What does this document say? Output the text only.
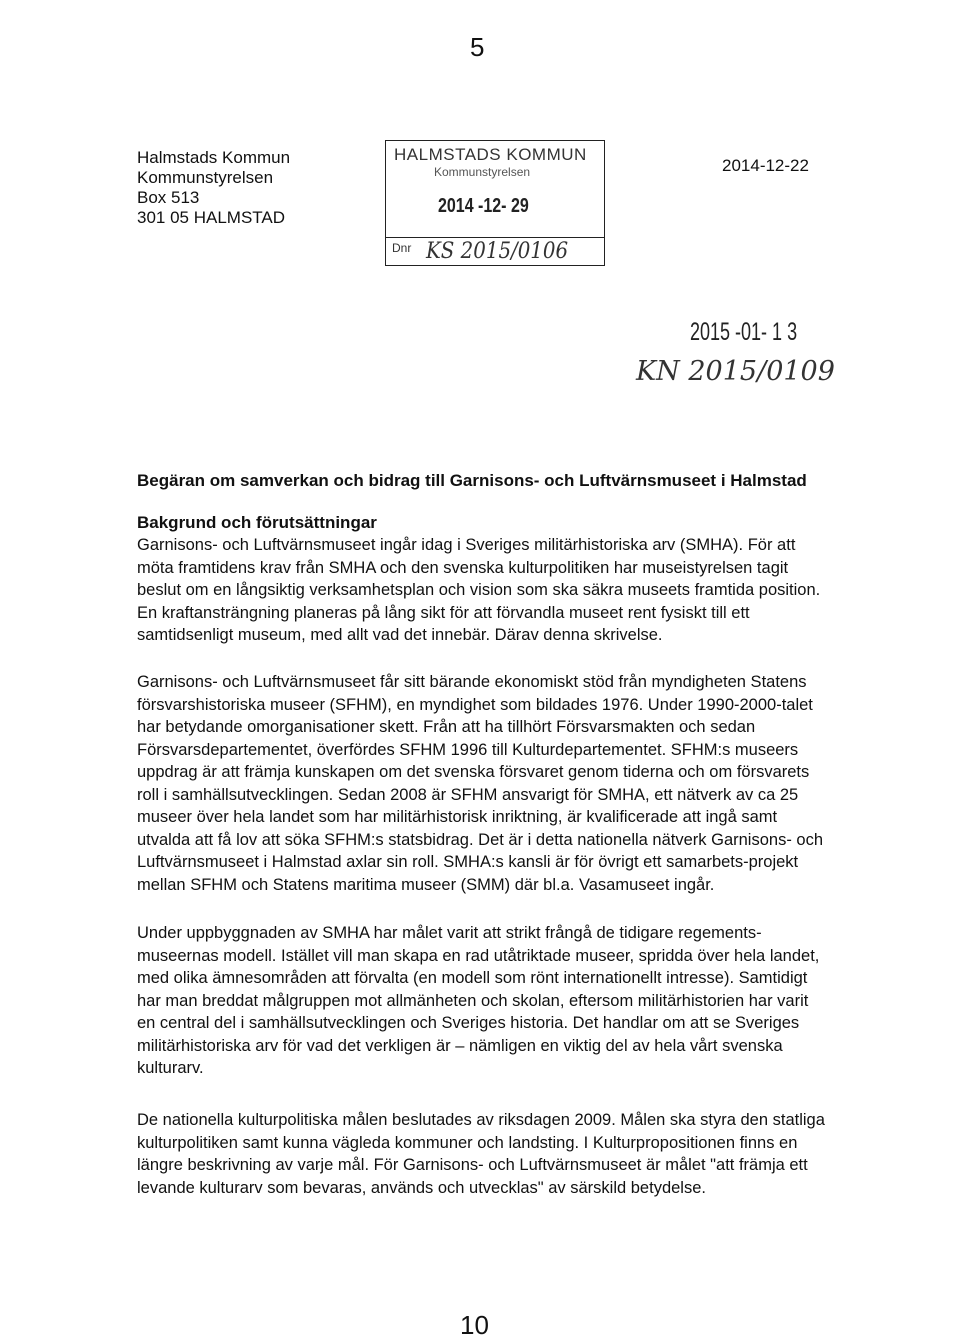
5
Halmstads Kommun
Kommunstyrelsen
Box 513
301 05 HALMSTAD
HALMSTADS KOMMUN
Kommunstyrelsen
2014 -12- 29
Dnr KS 2015/0106
2014-12-22
2015 -01- 1 3
KN 2015/0109
Begäran om samverkan och bidrag till Garnisons- och Luftvärnsmuseet i Halmstad
Bakgrund och förutsättningar
Garnisons- och Luftvärnsmuseet ingår idag i Sveriges militärhistoriska arv (SMHA). För att möta framtidens krav från SMHA och den svenska kulturpolitiken har museistyrelsen tagit beslut om en långsiktig verksamhetsplan och vision som ska säkra museets framtida position. En kraftansträngning planeras på lång sikt för att förvandla museet rent fysiskt till ett samtidsenligt museum, med allt vad det innebär. Därav denna skrivelse.
Garnisons- och Luftvärnsmuseet får sitt bärande ekonomiskt stöd från myndigheten Statens försvarshistoriska museer (SFHM), en myndighet som bildades 1976. Under 1990-2000-talet har betydande omorganisationer skett. Från att ha tillhört Försvarsmakten och sedan Försvarsdepartementet, överfördes SFHM 1996 till Kulturdepartementet. SFHM:s museers uppdrag är att främja kunskapen om det svenska försvaret genom tiderna och om försvarets roll i samhällsutvecklingen. Sedan 2008 är SFHM ansvarigt för SMHA, ett nätverk av ca 25 museer över hela landet som har militärhistorisk inriktning, är kvalificerade att ingå samt utvalda att få lov att söka SFHM:s statsbidrag. Det är i detta nationella nätverk Garnisons- och Luftvärnsmuseet i Halmstad axlar sin roll. SMHA:s kansli är för övrigt ett samarbets-projekt mellan SFHM och Statens maritima museer (SMM) där bl.a. Vasamuseet ingår.
Under uppbyggnaden av SMHA har målet varit att strikt frångå de tidigare regements-museernas modell. Istället vill man skapa en rad utåtriktade museer, spridda över hela landet, med olika ämnesområden att förvalta (en modell som rönt internationellt intresse). Samtidigt har man breddat målgruppen mot allmänheten och skolan, eftersom militärhistorien har varit en central del i samhällsutvecklingen och Sveriges historia. Det handlar om att se Sveriges militärhistoriska arv för vad det verkligen är – nämligen en viktig del av hela vårt svenska kulturarv.
De nationella kulturpolitiska målen beslutades av riksdagen 2009. Målen ska styra den statliga kulturpolitiken samt kunna vägleda kommuner och landsting. I Kulturpropositionen finns en längre beskrivning av varje mål. För Garnisons- och Luftvärnsmuseet är målet "att främja ett levande kulturarv som bevaras, används och utvecklas" av särskild betydelse.
10
